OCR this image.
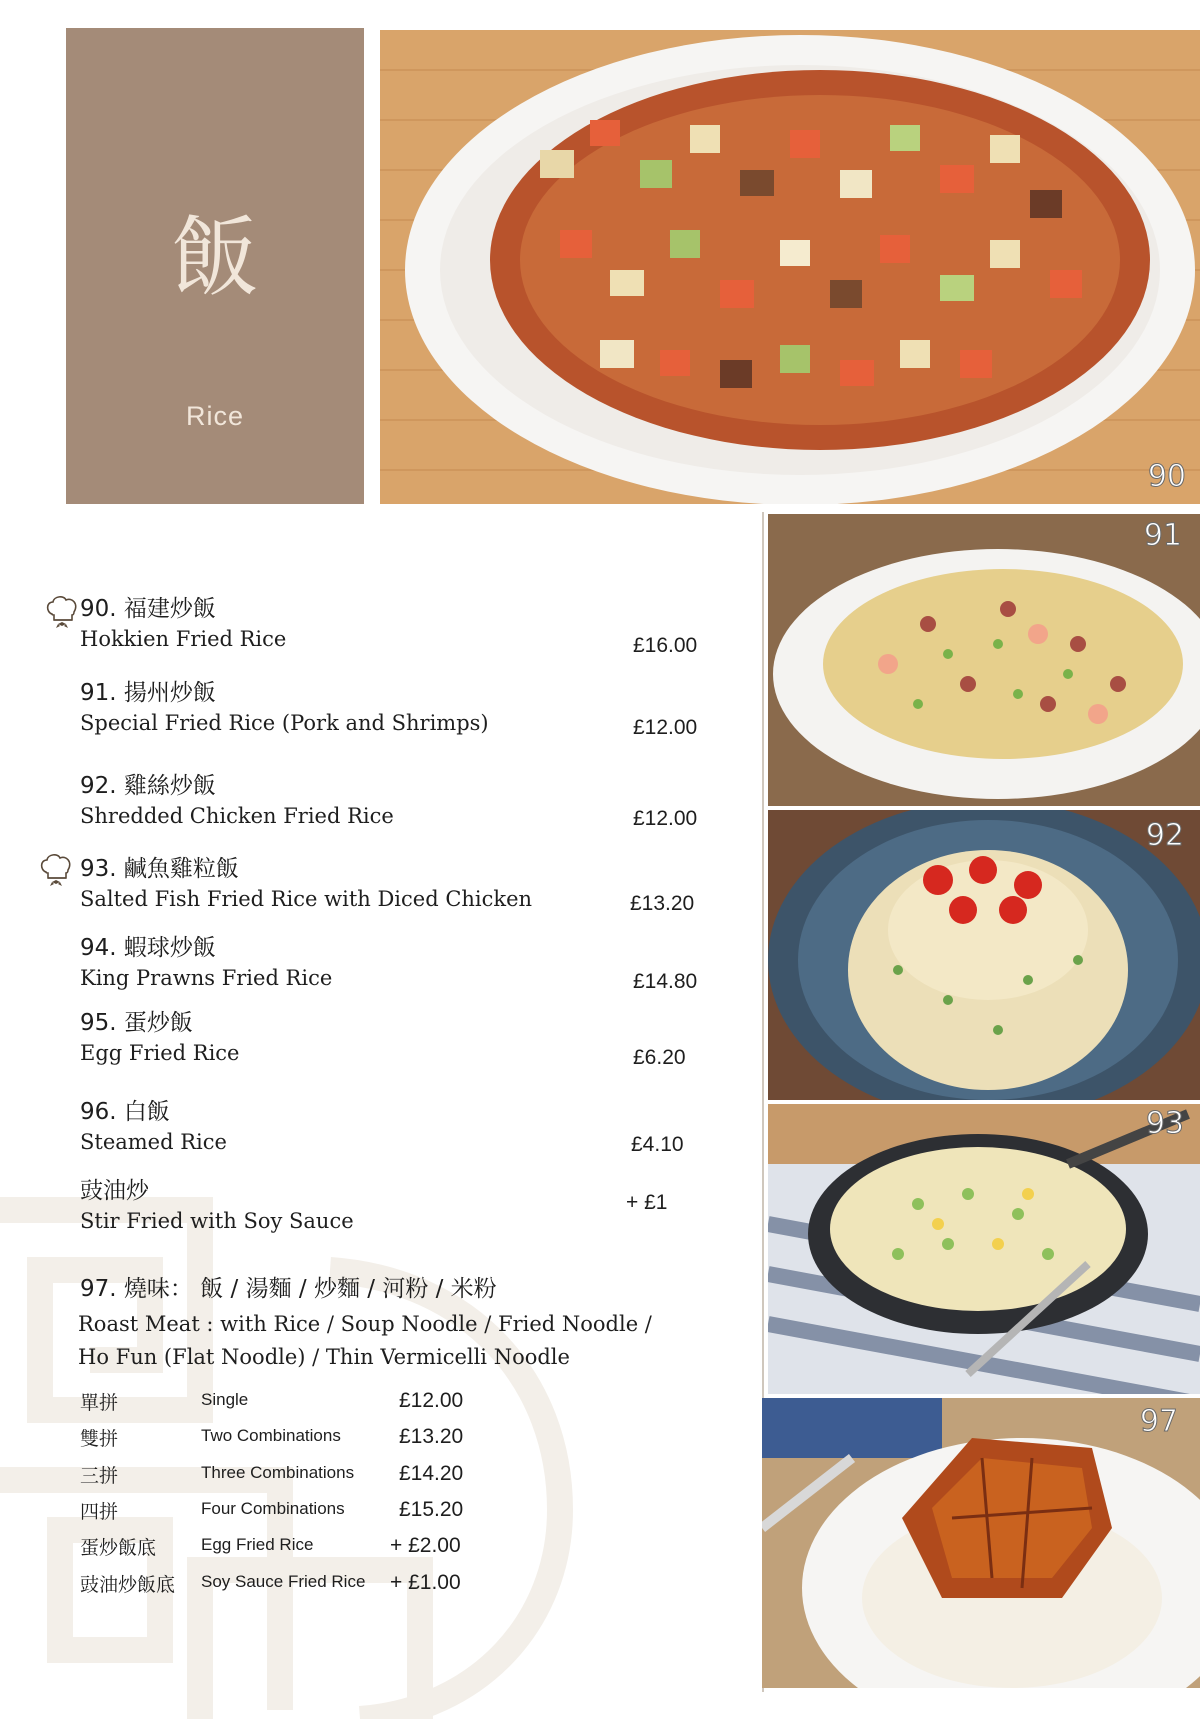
飯
Rice
90
91
92
93
97
90. 福建炒飯
Hokkien Fried Rice	£16.00
91. 揚州炒飯
Special Fried Rice (Pork and Shrimps)	£12.00
92. 雞絲炒飯
Shredded Chicken Fried Rice	£12.00
93. 鹹魚雞粒飯
Salted Fish Fried Rice with Diced Chicken	£13.20
94. 蝦球炒飯
King Prawns Fried Rice	£14.80
95. 蛋炒飯
Egg Fried Rice	£6.20
96. 白飯
Steamed Rice	£4.10
豉油炒
Stir Fried with Soy Sauce
+ £1
97. 燒味： 飯 / 湯麵 / 炒麵 / 河粉 / 米粉
Roast Meat : with Rice / Soup Noodle / Fried Noodle /
Ho Fun (Flat Noodle) / Thin Vermicelli Noodle
單拼	Single	£12.00
雙拼	Two Combinations	£13.20
三拼	Three Combinations £14.20
四拼	Four Combinations	£15.20
蛋炒飯底	Egg Fried Rice	+ £2.00
豉油炒飯底 Soy Sauce Fried Rice + £1.00
